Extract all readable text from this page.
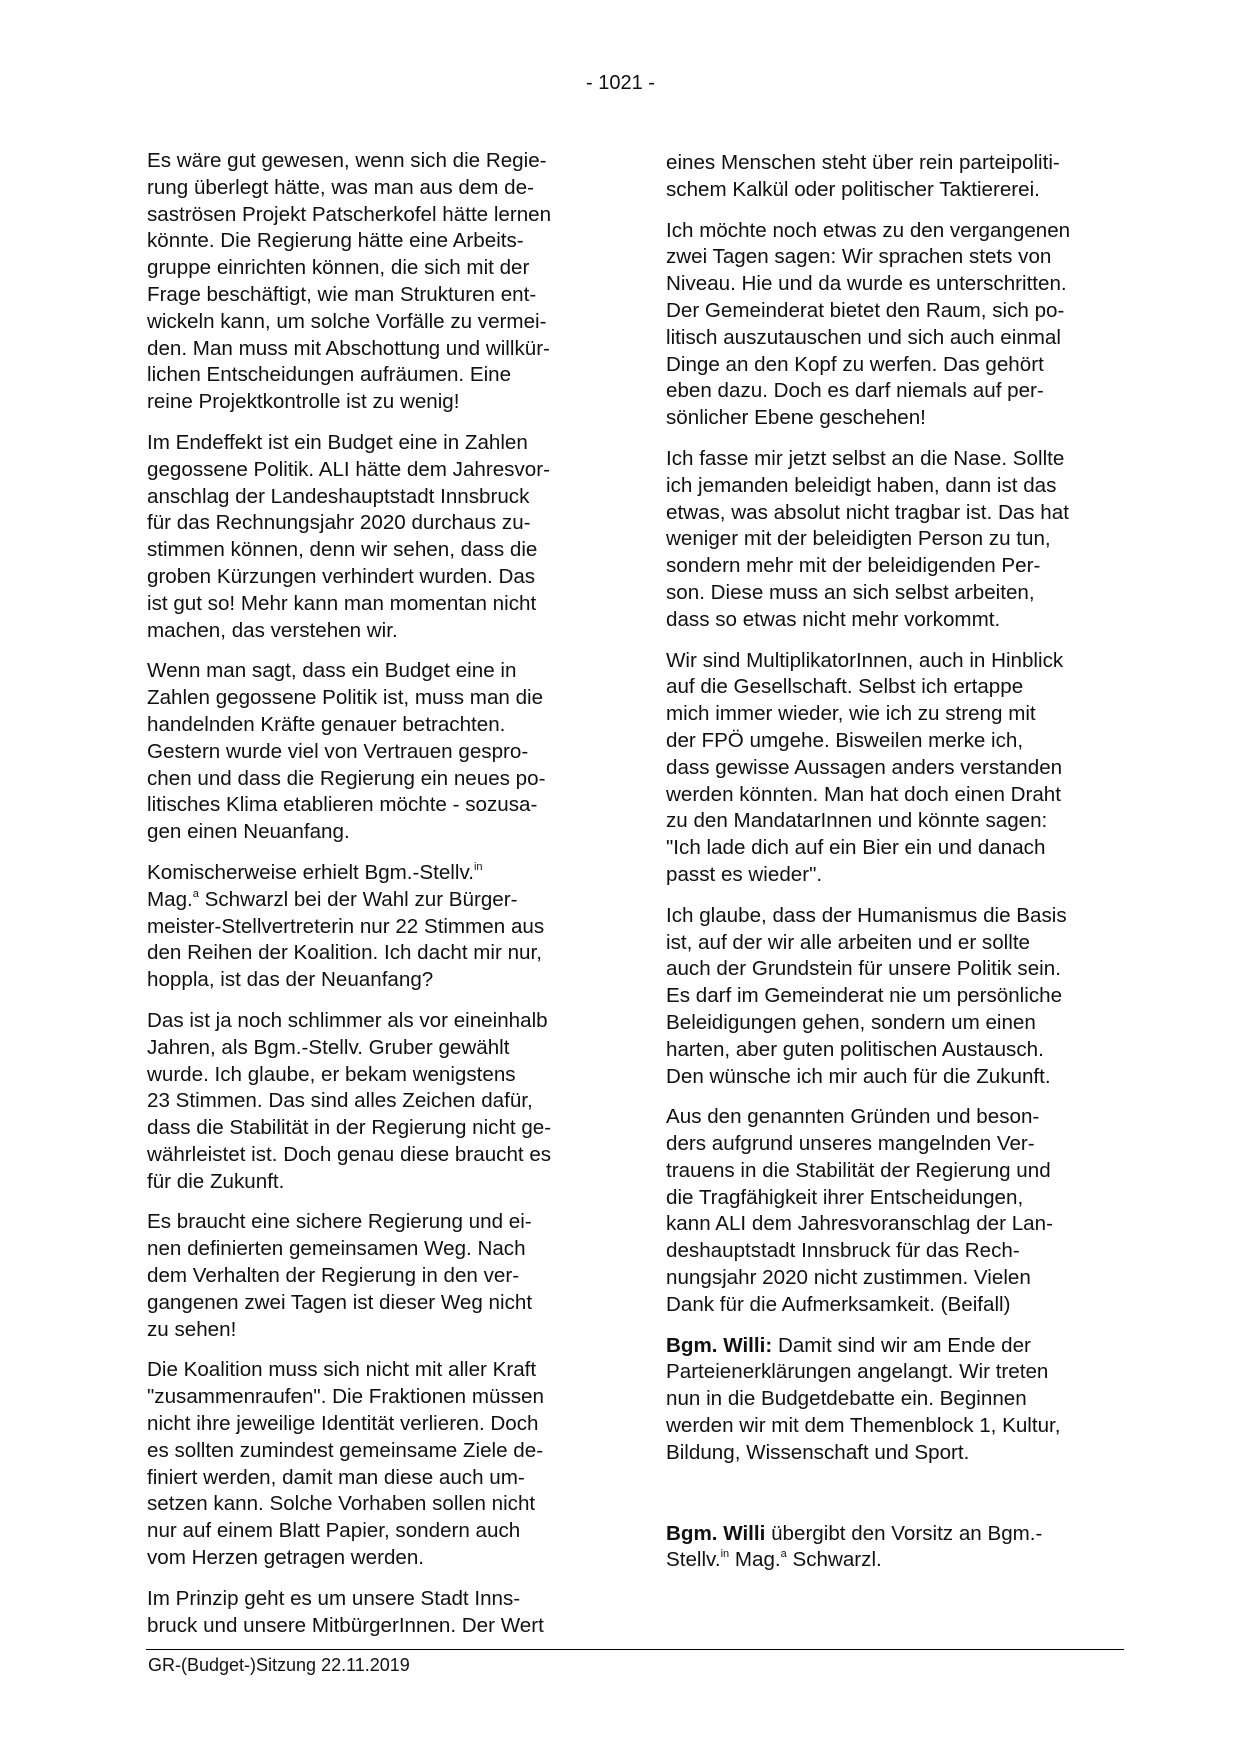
- 1021 -

Es wäre gut gewesen, wenn sich die Regie-
rung überlegt hätte, was man aus dem de-
saströsen Projekt Patscherkofel hätte lernen
könnte. Die Regierung hätte eine Arbeits-
gruppe einrichten können, die sich mit der
Frage beschäftigt, wie man Strukturen ent-
wickeln kann, um solche Vorfälle zu vermei-
den. Man muss mit Abschottung und willkür-
lichen Entscheidungen aufräumen. Eine
reine Projektkontrolle ist zu wenig!

Im Endeffekt ist ein Budget eine in Zahlen
gegossene Politik. ALI hätte dem Jahresvor-
anschlag der Landeshauptstadt Innsbruck
für das Rechnungsjahr 2020 durchaus zu-
stimmen können, denn wir sehen, dass die
groben Kürzungen verhindert wurden. Das
ist gut so! Mehr kann man momentan nicht
machen, das verstehen wir.

Wenn man sagt, dass ein Budget eine in
Zahlen gegossene Politik ist, muss man die
handelnden Kräfte genauer betrachten.
Gestern wurde viel von Vertrauen gespro-
chen und dass die Regierung ein neues po-
litisches Klima etablieren möchte - sozusa-
gen einen Neuanfang.

Komischerweise erhielt Bgm.-Stellv.$^{in}$
Mag.$^a$ Schwarzl bei der Wahl zur Bürger-
meister-Stellvertreterin nur 22 Stimmen aus
den Reihen der Koalition. Ich dacht mir nur,
hoppla, ist das der Neuanfang?

Das ist ja noch schlimmer als vor eineinhalb
Jahren, als Bgm.-Stellv. Gruber gewählt
wurde. Ich glaube, er bekam wenigstens
23 Stimmen. Das sind alles Zeichen dafür,
dass die Stabilität in der Regierung nicht ge-
währleistet ist. Doch genau diese braucht es
für die Zukunft.

Es braucht eine sichere Regierung und ei-
nen definierten gemeinsamen Weg. Nach
dem Verhalten der Regierung in den ver-
gangenen zwei Tagen ist dieser Weg nicht
zu sehen!

Die Koalition muss sich nicht mit aller Kraft
"zusammenraufen". Die Fraktionen müssen
nicht ihre jeweilige Identität verlieren. Doch
es sollten zumindest gemeinsame Ziele de-
finiert werden, damit man diese auch um-
setzen kann. Solche Vorhaben sollen nicht
nur auf einem Blatt Papier, sondern auch
vom Herzen getragen werden.

Im Prinzip geht es um unsere Stadt Inns-
bruck und unsere MitbürgerInnen. Der Wert

eines Menschen steht über rein parteipoliti-
schem Kalkül oder politischer Taktiererei.

Ich möchte noch etwas zu den vergangenen
zwei Tagen sagen: Wir sprachen stets von
Niveau. Hie und da wurde es unterschritten.
Der Gemeinderat bietet den Raum, sich po-
litisch auszutauschen und sich auch einmal
Dinge an den Kopf zu werfen. Das gehört
eben dazu. Doch es darf niemals auf per-
sönlicher Ebene geschehen!

Ich fasse mir jetzt selbst an die Nase. Sollte
ich jemanden beleidigt haben, dann ist das
etwas, was absolut nicht tragbar ist. Das hat
weniger mit der beleidigten Person zu tun,
sondern mehr mit der beleidigenden Per-
son. Diese muss an sich selbst arbeiten,
dass so etwas nicht mehr vorkommt.

Wir sind MultiplikatorInnen, auch in Hinblick
auf die Gesellschaft. Selbst ich ertappe
mich immer wieder, wie ich zu streng mit
der FPÖ umgehe. Bisweilen merke ich,
dass gewisse Aussagen anders verstanden
werden könnten. Man hat doch einen Draht
zu den MandatarInnen und könnte sagen:
"Ich lade dich auf ein Bier ein und danach
passt es wieder".

Ich glaube, dass der Humanismus die Basis
ist, auf der wir alle arbeiten und er sollte
auch der Grundstein für unsere Politik sein.
Es darf im Gemeinderat nie um persönliche
Beleidigungen gehen, sondern um einen
harten, aber guten politischen Austausch.
Den wünsche ich mir auch für die Zukunft.

Aus den genannten Gründen und beson-
ders aufgrund unseres mangelnden Ver-
trauens in die Stabilität der Regierung und
die Tragfähigkeit ihrer Entscheidungen,
kann ALI dem Jahresvoranschlag der Lan-
deshauptstadt Innsbruck für das Rech-
nungsjahr 2020 nicht zustimmen. Vielen
Dank für die Aufmerksamkeit. (Beifall)

Bgm. Willi: Damit sind wir am Ende der
Parteienerklärungen angelangt. Wir treten
nun in die Budgetdebatte ein. Beginnen
werden wir mit dem Themenblock 1, Kultur,
Bildung, Wissenschaft und Sport.

Bgm. Willi übergibt den Vorsitz an Bgm.-
Stellv.$^{in}$ Mag.$^a$ Schwarzl.

GR-(Budget-)Sitzung 22.11.2019
